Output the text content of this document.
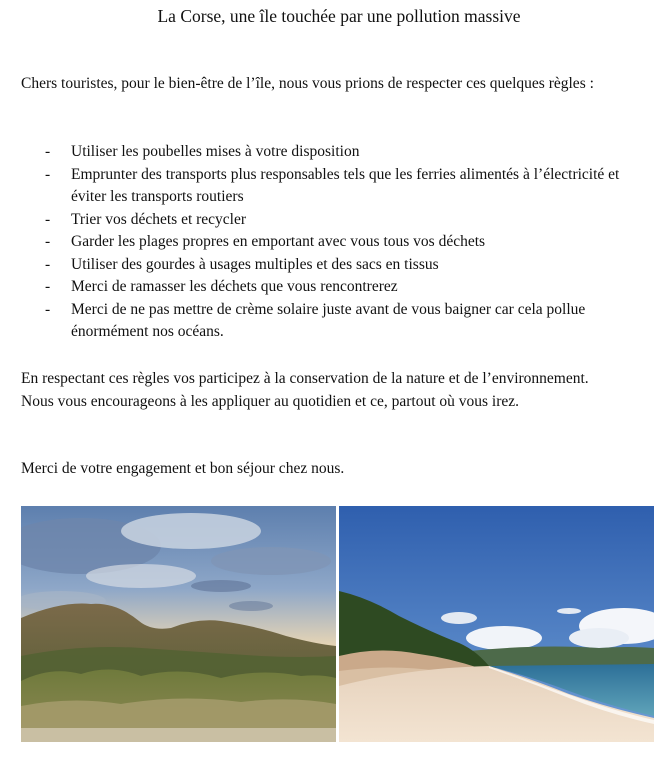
La Corse, une île touchée par une pollution massive
Chers touristes, pour le bien-être de l’île, nous vous prions de respecter ces quelques règles :
- Utiliser les poubelles mises à votre disposition
- Emprunter des transports plus responsables tels que les ferries alimentés à l’électricité et éviter les transports routiers
- Trier vos déchets et recycler
- Garder les plages propres en emportant avec vous tous vos déchets
- Utiliser des gourdes à usages multiples et des sacs en tissus
- Merci de ramasser les déchets que vous rencontrerez
- Merci de ne pas mettre de crème solaire juste avant de vous baigner car cela pollue énormément nos océans.

En respectant ces règles vos participez à la conservation de la nature et de l’environnement.

Nous vous encourageons à les appliquer au quotidien et ce, partout où vous irez.

Merci de votre engagement et bon séjour chez nous.
